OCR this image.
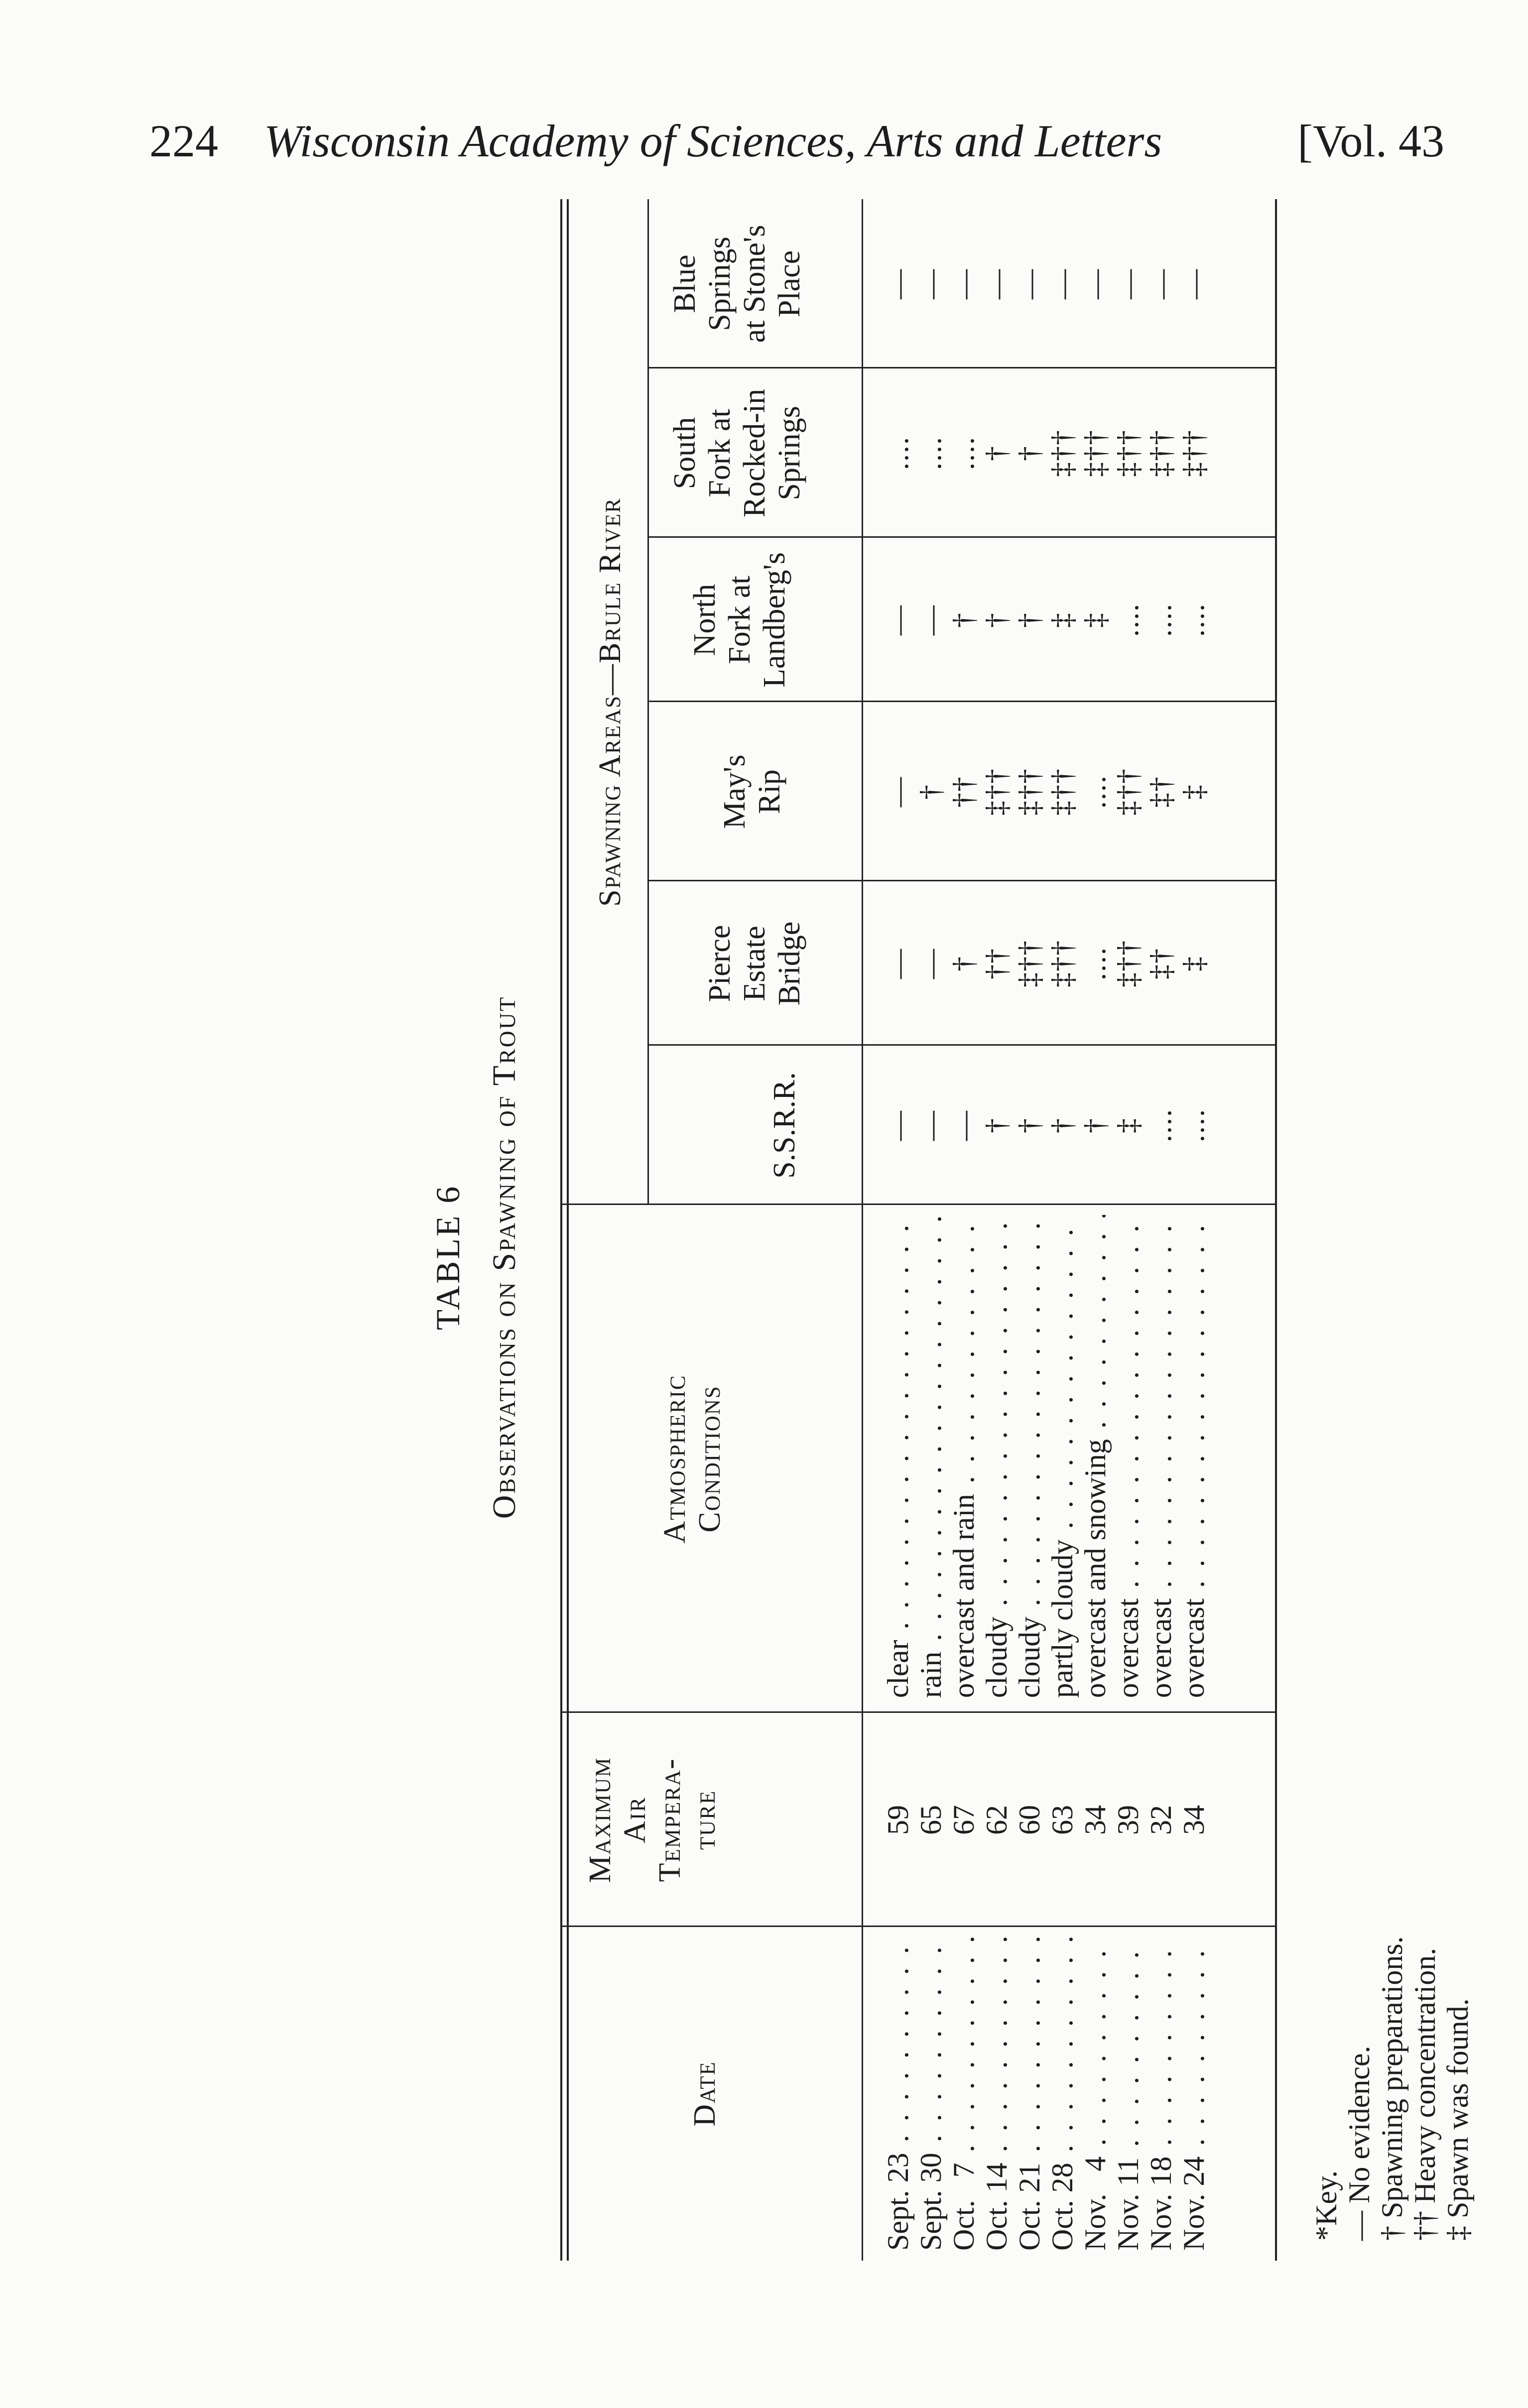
224 Wisconsin Academy of Sciences, Arts and Letters	[Vol. 43
TABLE 6 Observations on Spawning of Trout
Date
Maximum Air Tempera- ture
Atmospheric Conditions
Spawning Areas—Brule River
S.S.R.R.
Pierce Estate Bridge
May's Rip
North Fork at Landberg's
South Fork at Rocked-in Springs
Blue Springs at Stone's Place
Sept. 23 . . .
59
clear . . .
—
—
—
—
....
—
Sept. 30 . . .
65
rain . . .
—
—
†
—
....
—
Oct.   7 . . .
67
overcast and rain . . .
—
†
††
†
....
—
Oct. 14 . . .
62
cloudy . . .
†
††
‡††
†
†
—
Oct. 21 . . .
60
cloudy . . .
†
‡††
‡††
†
†
—
Oct. 28 . . .
63
partly cloudy . . .
†
‡††
‡††
‡
‡††
—
Nov.   4 . . .
34
overcast and snowing . . .
†
....
....
‡
‡††
—
Nov. 11 . . .
39
overcast . . .
‡
‡††
‡††
....
‡††
—
Nov. 18 . . .
32
overcast . . .
....
‡†
‡†
....
‡††
—
Nov. 24 . . .
34
overcast . . .
....
‡
‡
....
‡††
—
*Key. — No evidence. † Spawning preparations. †† Heavy concentration. ‡ Spawn was found.
